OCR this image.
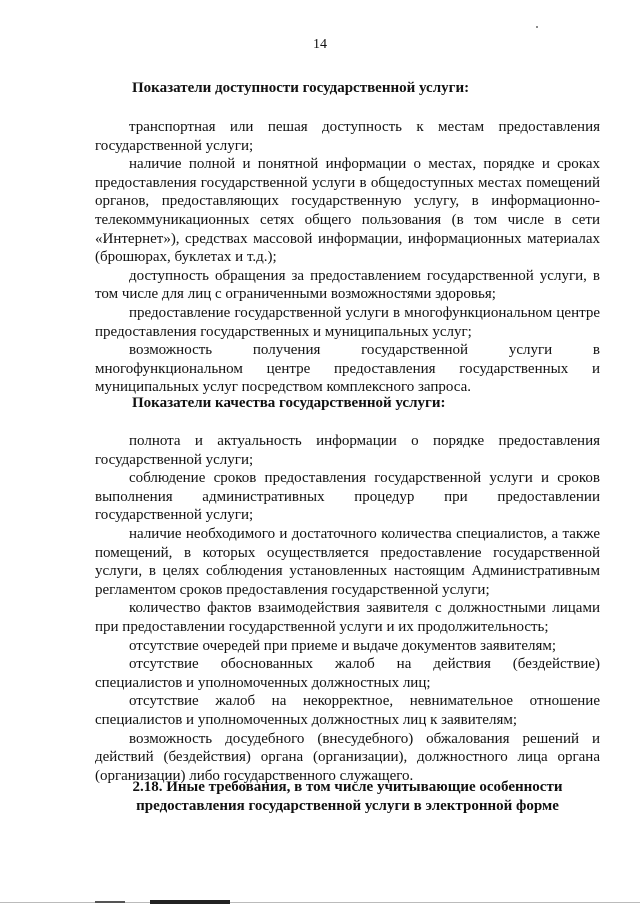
14
Показатели доступности государственной услуги:

транспортная или пешая доступность к местам предоставления государственной услуги;

наличие полной и понятной информации о местах, порядке и сроках предоставления государственной услуги в общедоступных местах помещений органов, предоставляющих государственную услугу, в информационно-телекоммуникационных сетях общего пользования (в том числе в сети «Интернет»), средствах массовой информации, информационных материалах (брошюрах, буклетах и т.д.);

доступность обращения за предоставлением государственной услуги, в том числе для лиц с ограниченными возможностями здоровья;

предоставление государственной услуги в многофункциональном центре предоставления государственных и муниципальных услуг;

возможность получения государственной услуги в многофункциональном центре предоставления государственных и муниципальных услуг посредством комплексного запроса.

Показатели качества государственной услуги:

полнота и актуальность информации о порядке предоставления государственной услуги;

соблюдение сроков предоставления государственной услуги и сроков выполнения административных процедур при предоставлении государственной услуги;

наличие необходимого и достаточного количества специалистов, а также помещений, в которых осуществляется предоставление государственной услуги, в целях соблюдения установленных настоящим Административным регламентом сроков предоставления государственной услуги;

количество фактов взаимодействия заявителя с должностными лицами при предоставлении государственной услуги и их продолжительность;

отсутствие очередей при приеме и выдаче документов заявителям;

отсутствие обоснованных жалоб на действия (бездействие) специалистов и уполномоченных должностных лиц;

отсутствие жалоб на некорректное, невнимательное отношение специалистов и уполномоченных должностных лиц к заявителям;

возможность досудебного (внесудебного) обжалования решений и действий (бездействия) органа (организации), должностного лица органа (организации) либо государственного служащего.

2.18. Иные требования, в том числе учитывающие особенности
предоставления государственной услуги в электронной форме
